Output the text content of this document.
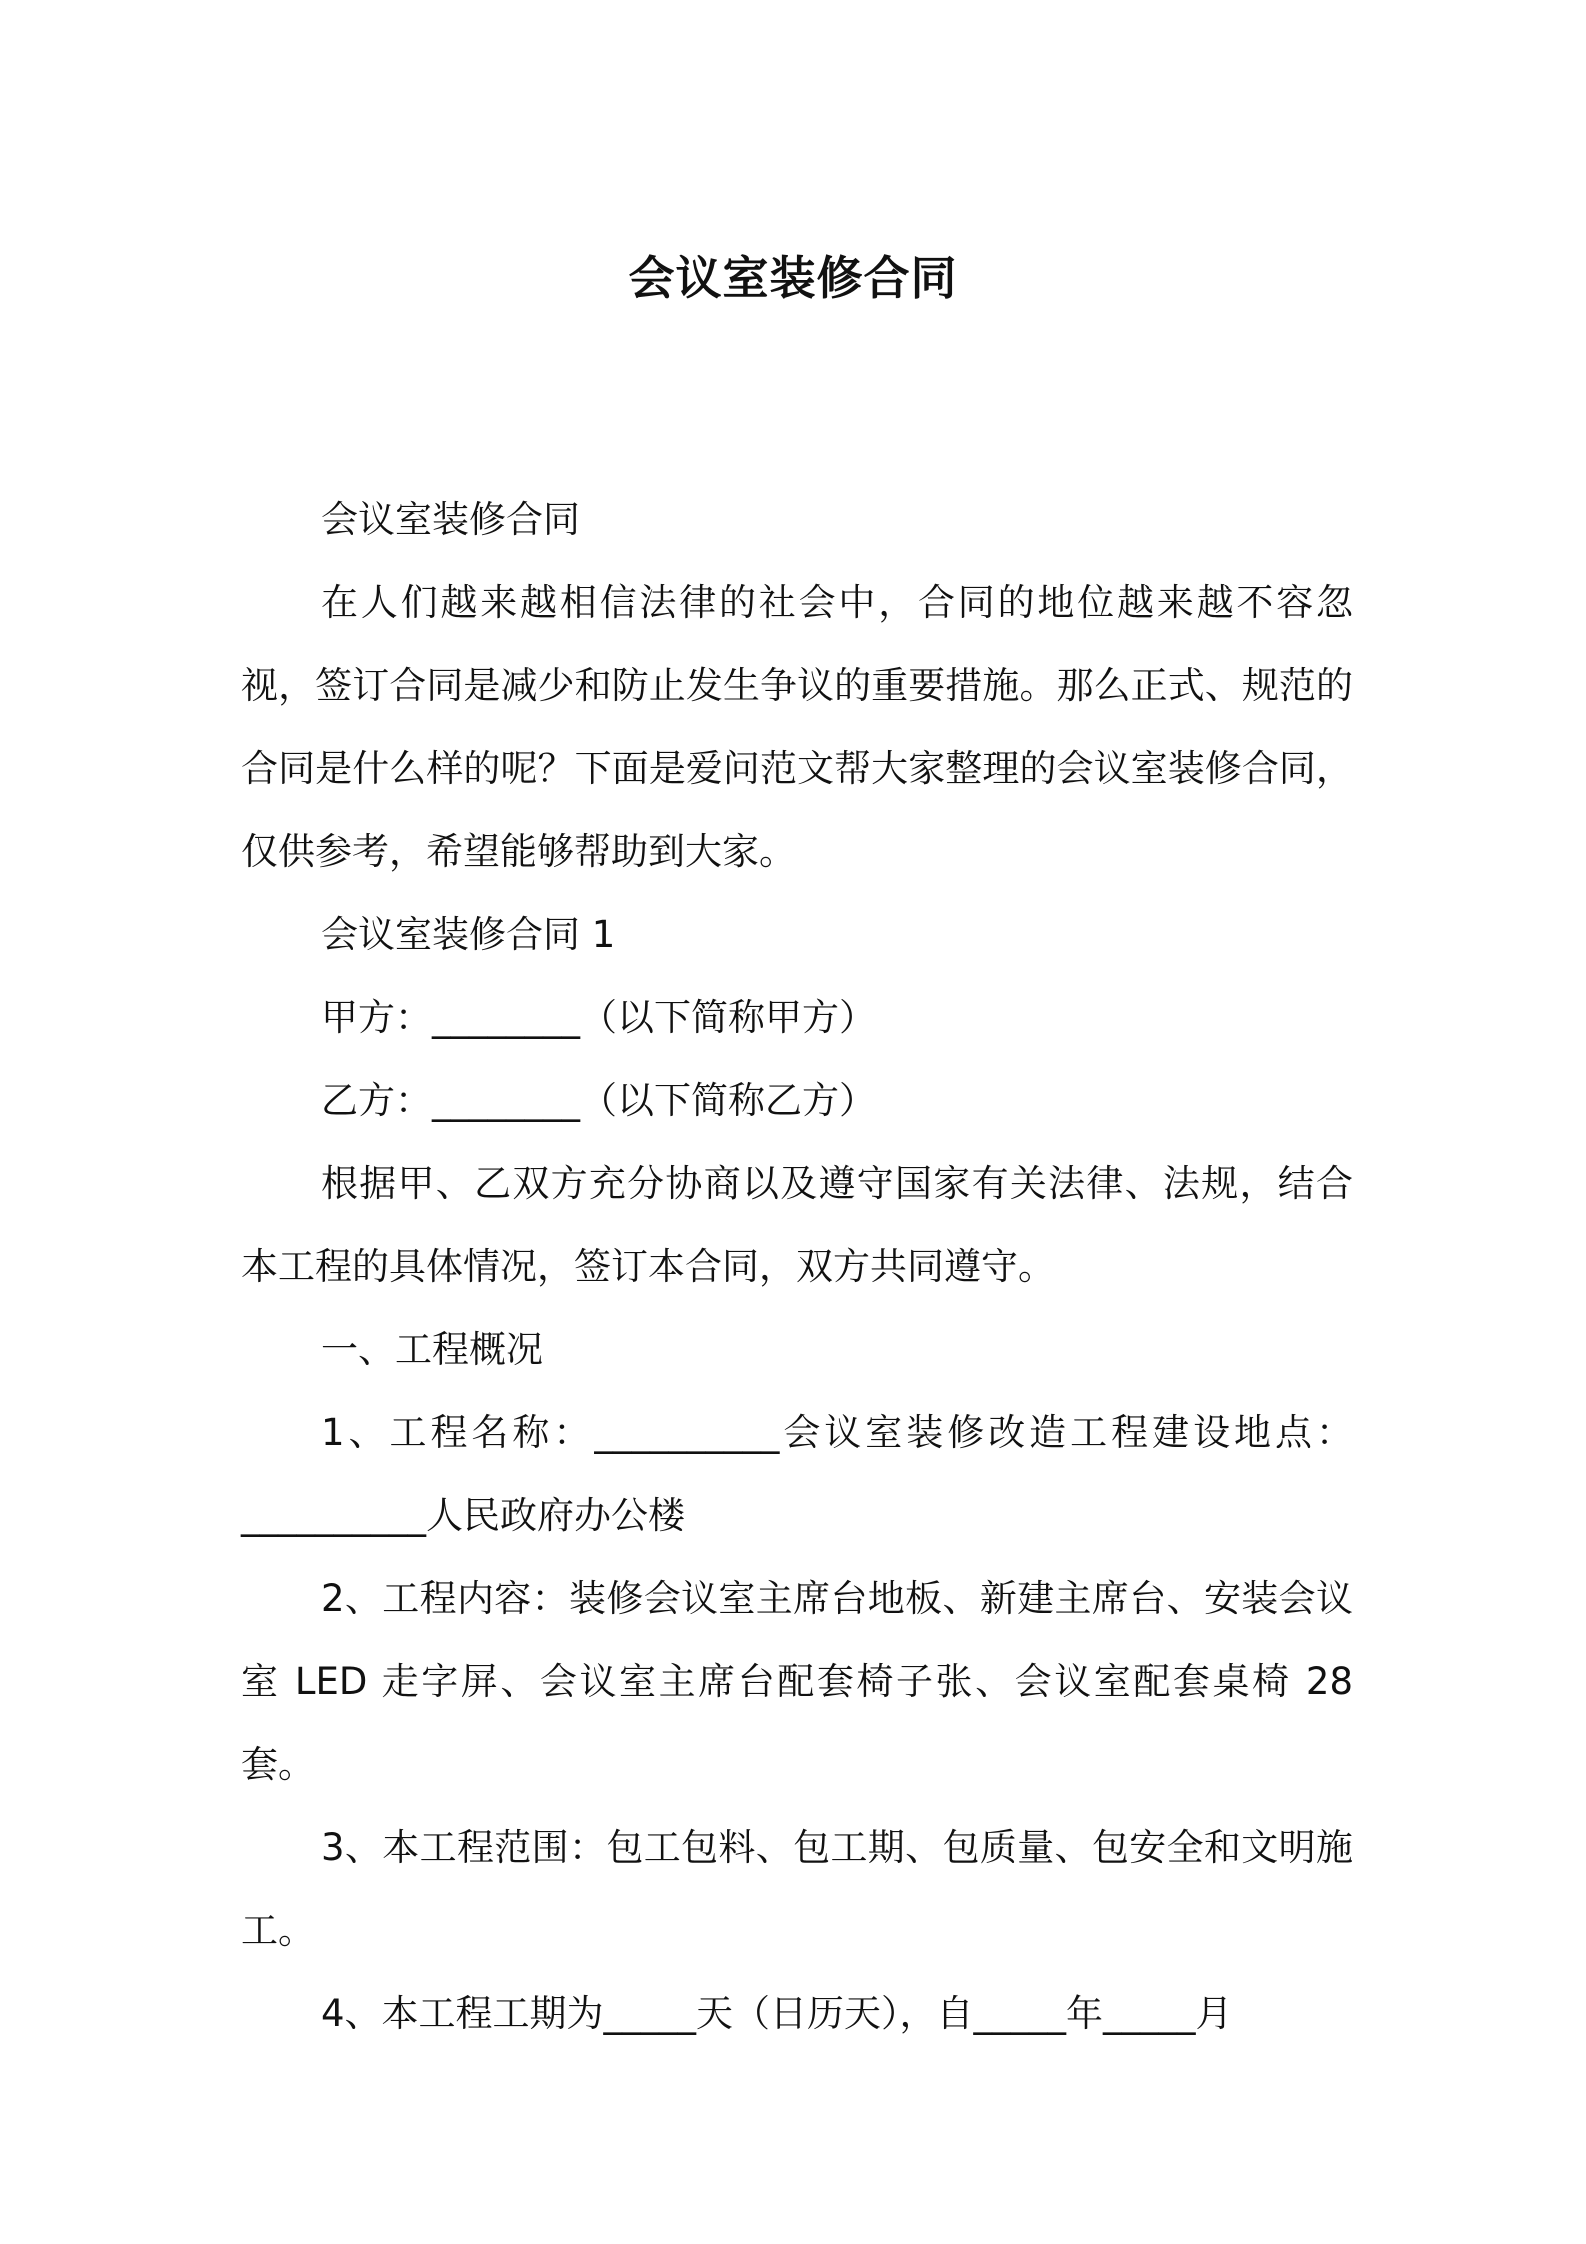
会议室装修合同

会议室装修合同

在人们越来越相信法律的社会中，合同的地位越来越不容忽视，签订合同是减少和防止发生争议的重要措施。那么正式、规范的合同是什么样的呢？下面是爱问范文帮大家整理的会议室装修合同，仅供参考，希望能够帮助到大家。

会议室装修合同 1

甲方：________（以下简称甲方）

乙方：________（以下简称乙方）

根据甲、乙双方充分协商以及遵守国家有关法律、法规，结合本工程的具体情况，签订本合同，双方共同遵守。

一、工程概况

1、工程名称：__________会议室装修改造工程建设地点：__________人民政府办公楼

2、工程内容：装修会议室主席台地板、新建主席台、安装会议室 LED 走字屏、会议室主席台配套椅子张、会议室配套桌椅 28 套。

3、本工程范围：包工包料、包工期、包质量、包安全和文明施工。

4、本工程工期为_____天（日历天），自_____年_____月
